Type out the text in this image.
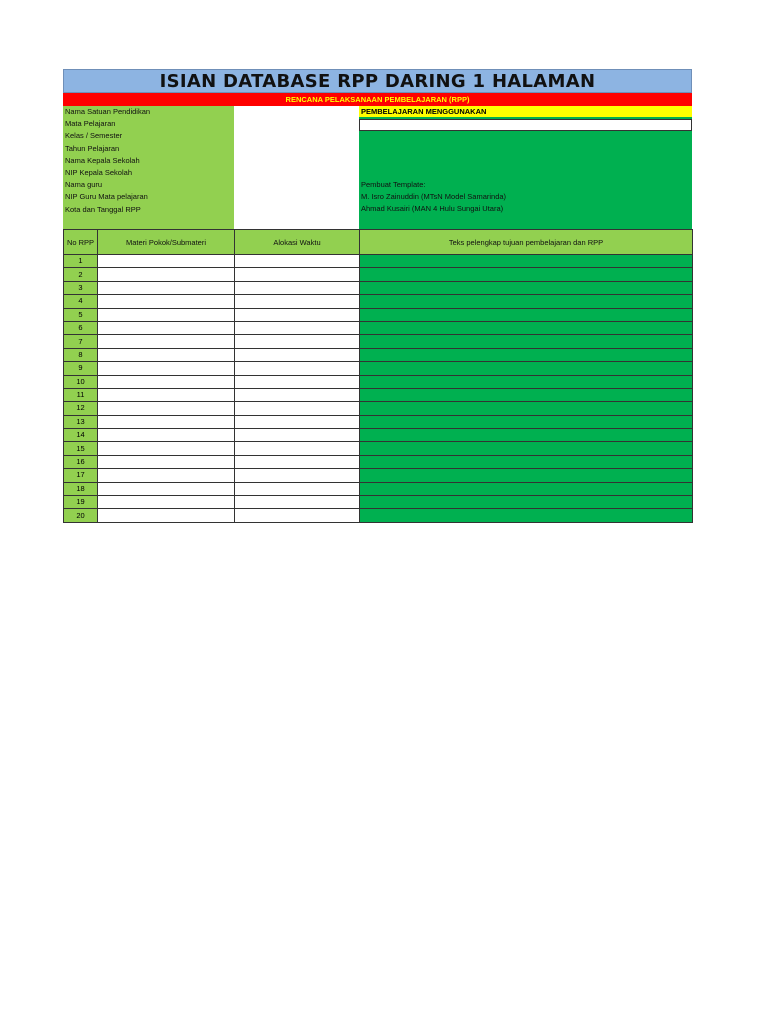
ISIAN DATABASE RPP DARING 1 HALAMAN
RENCANA PELAKSANAAN PEMBELAJARAN (RPP)
Nama Satuan Pendidikan
Mata Pelajaran
Kelas / Semester
Tahun Pelajaran
Nama Kepala Sekolah
NIP Kepala Sekolah
Nama guru
NIP Guru Mata pelajaran
Kota dan Tanggal RPP
PEMBELAJARAN MENGGUNAKAN
Pembuat Template:
M. Isro Zainuddin (MTsN Model Samarinda)
Ahmad Kusairi (MAN 4 Hulu Sungai Utara)
No RPP	Materi Pokok/Submateri	Alokasi Waktu	Teks pelengkap tujuan pembelajaran dan RPP
1			
2			
3			
4			
5			
6			
7			
8			
9			
10			
11			
12			
13			
14			
15			
16			
17			
18			
19			
20			
